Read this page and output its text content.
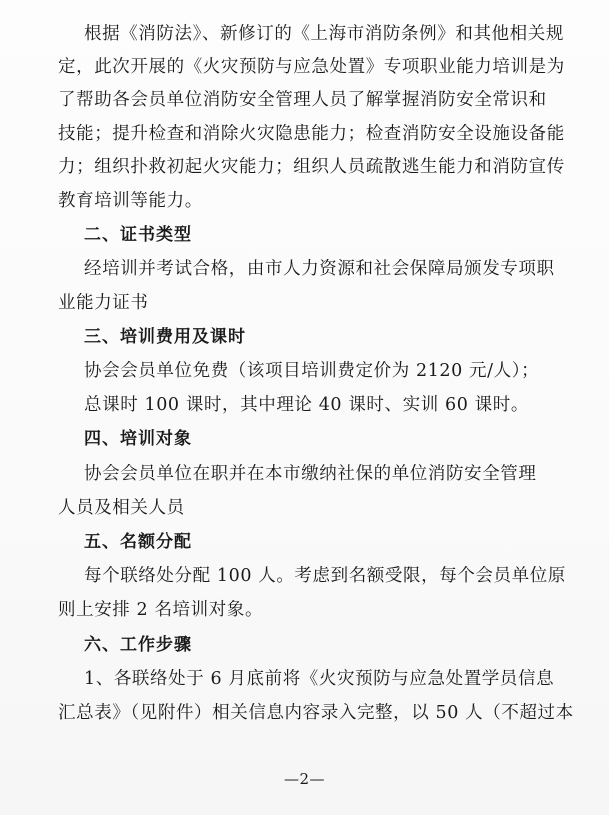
根据《消防法》、新修订的《上海市消防条例》和其他相关规
定，此次开展的《火灾预防与应急处置》专项职业能力培训是为
了帮助各会员单位消防安全管理人员了解掌握消防安全常识和
技能；提升检查和消除火灾隐患能力；检查消防安全设施设备能
力；组织扑救初起火灾能力；组织人员疏散逃生能力和消防宣传
教育培训等能力。
二、证书类型
经培训并考试合格，由市人力资源和社会保障局颁发专项职
业能力证书
三、培训费用及课时
协会会员单位免费（该项目培训费定价为 2120 元/人）；
总课时 100 课时，其中理论 40 课时、实训 60 课时。
四、培训对象
协会会员单位在职并在本市缴纳社保的单位消防安全管理
人员及相关人员
五、名额分配
每个联络处分配 100 人。考虑到名额受限，每个会员单位原
则上安排 2 名培训对象。
六、工作步骤
1、各联络处于 6 月底前将《火灾预防与应急处置学员信息
汇总表》（见附件）相关信息内容录入完整，以 50 人（不超过本
—2—
